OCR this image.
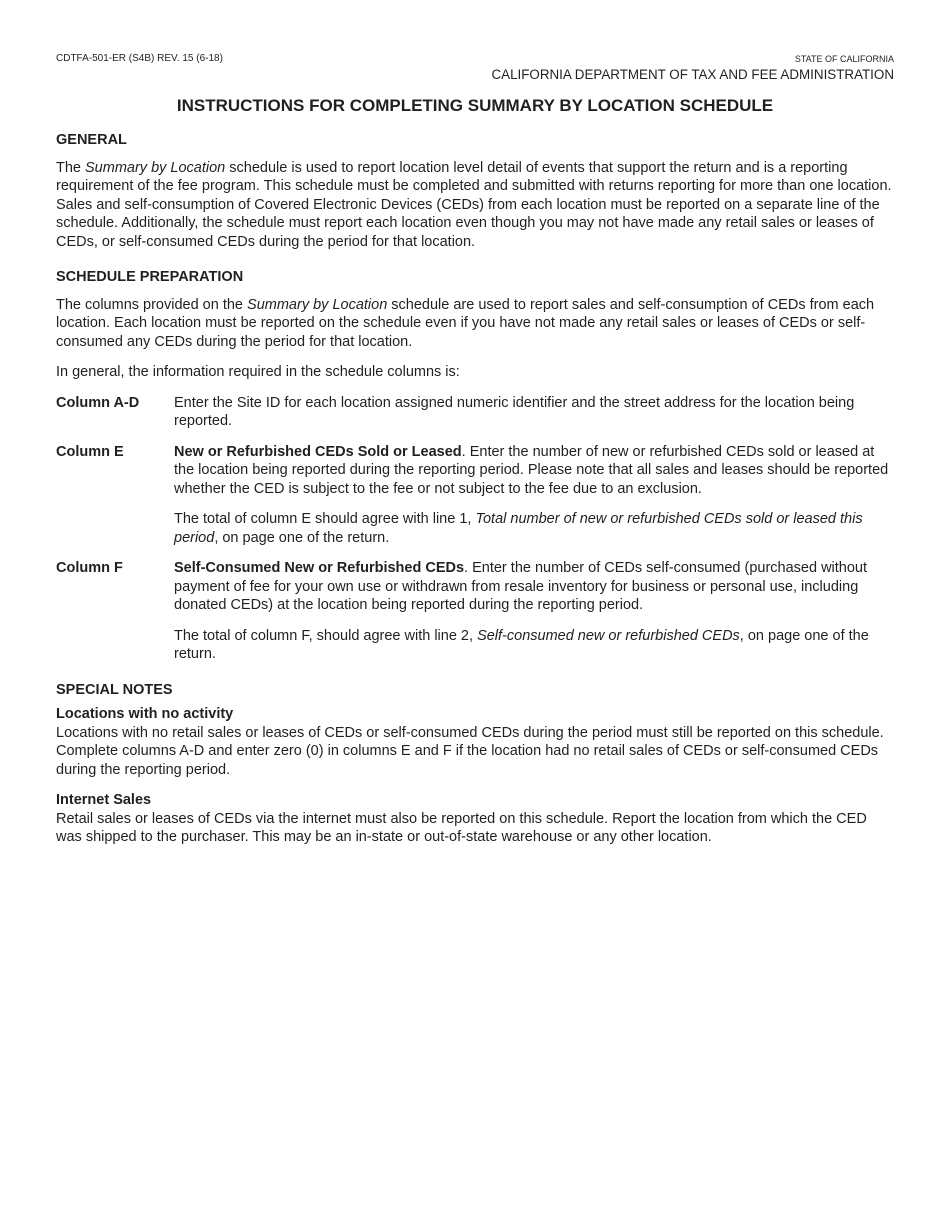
CDTFA-501-ER (S4B) REV. 15 (6-18)	STATE OF CALIFORNIA
CALIFORNIA DEPARTMENT OF TAX AND FEE ADMINISTRATION
INSTRUCTIONS FOR COMPLETING SUMMARY BY LOCATION SCHEDULE
GENERAL

The Summary by Location schedule is used to report location level detail of events that support the return and is a reporting requirement of the fee program. This schedule must be completed and submitted with returns reporting for more than one location. Sales and self-consumption of Covered Electronic Devices (CEDs) from each location must be reported on a separate line of the schedule. Additionally, the schedule must report each location even though you may not have made any retail sales or leases of CEDs, or self-consumed CEDs during the period for that location.

SCHEDULE PREPARATION

The columns provided on the Summary by Location schedule are used to report sales and self-consumption of CEDs from each location. Each location must be reported on the schedule even if you have not made any retail sales or leases of CEDs or self-consumed any CEDs during the period for that location.

In general, the information required in the schedule columns is:

Column A-D	Enter the Site ID for each location assigned numeric identifier and the street address for the location being reported.

Column E	New or Refurbished CEDs Sold or Leased. Enter the number of new or refurbished CEDs sold or leased at the location being reported during the reporting period. Please note that all sales and leases should be reported whether the CED is subject to the fee or not subject to the fee due to an exclusion.

The total of column E should agree with line 1, Total number of new or refurbished CEDs sold or leased this period, on page one of the return.

Column F	Self-Consumed New or Refurbished CEDs. Enter the number of CEDs self-consumed (purchased without payment of fee for your own use or withdrawn from resale inventory for business or personal use, including donated CEDs) at the location being reported during the reporting period.

The total of column F, should agree with line 2, Self-consumed new or refurbished CEDs, on page one of the return.

SPECIAL NOTES
Locations with no activity

Locations with no retail sales or leases of CEDs or self-consumed CEDs during the period must still be reported on this schedule. Complete columns A-D and enter zero (0) in columns E and F if the location had no retail sales of CEDs or self-consumed CEDs during the reporting period.

Internet Sales

Retail sales or leases of CEDs via the internet must also be reported on this schedule. Report the location from which the CED was shipped to the purchaser. This may be an in-state or out-of-state warehouse or any other location.
